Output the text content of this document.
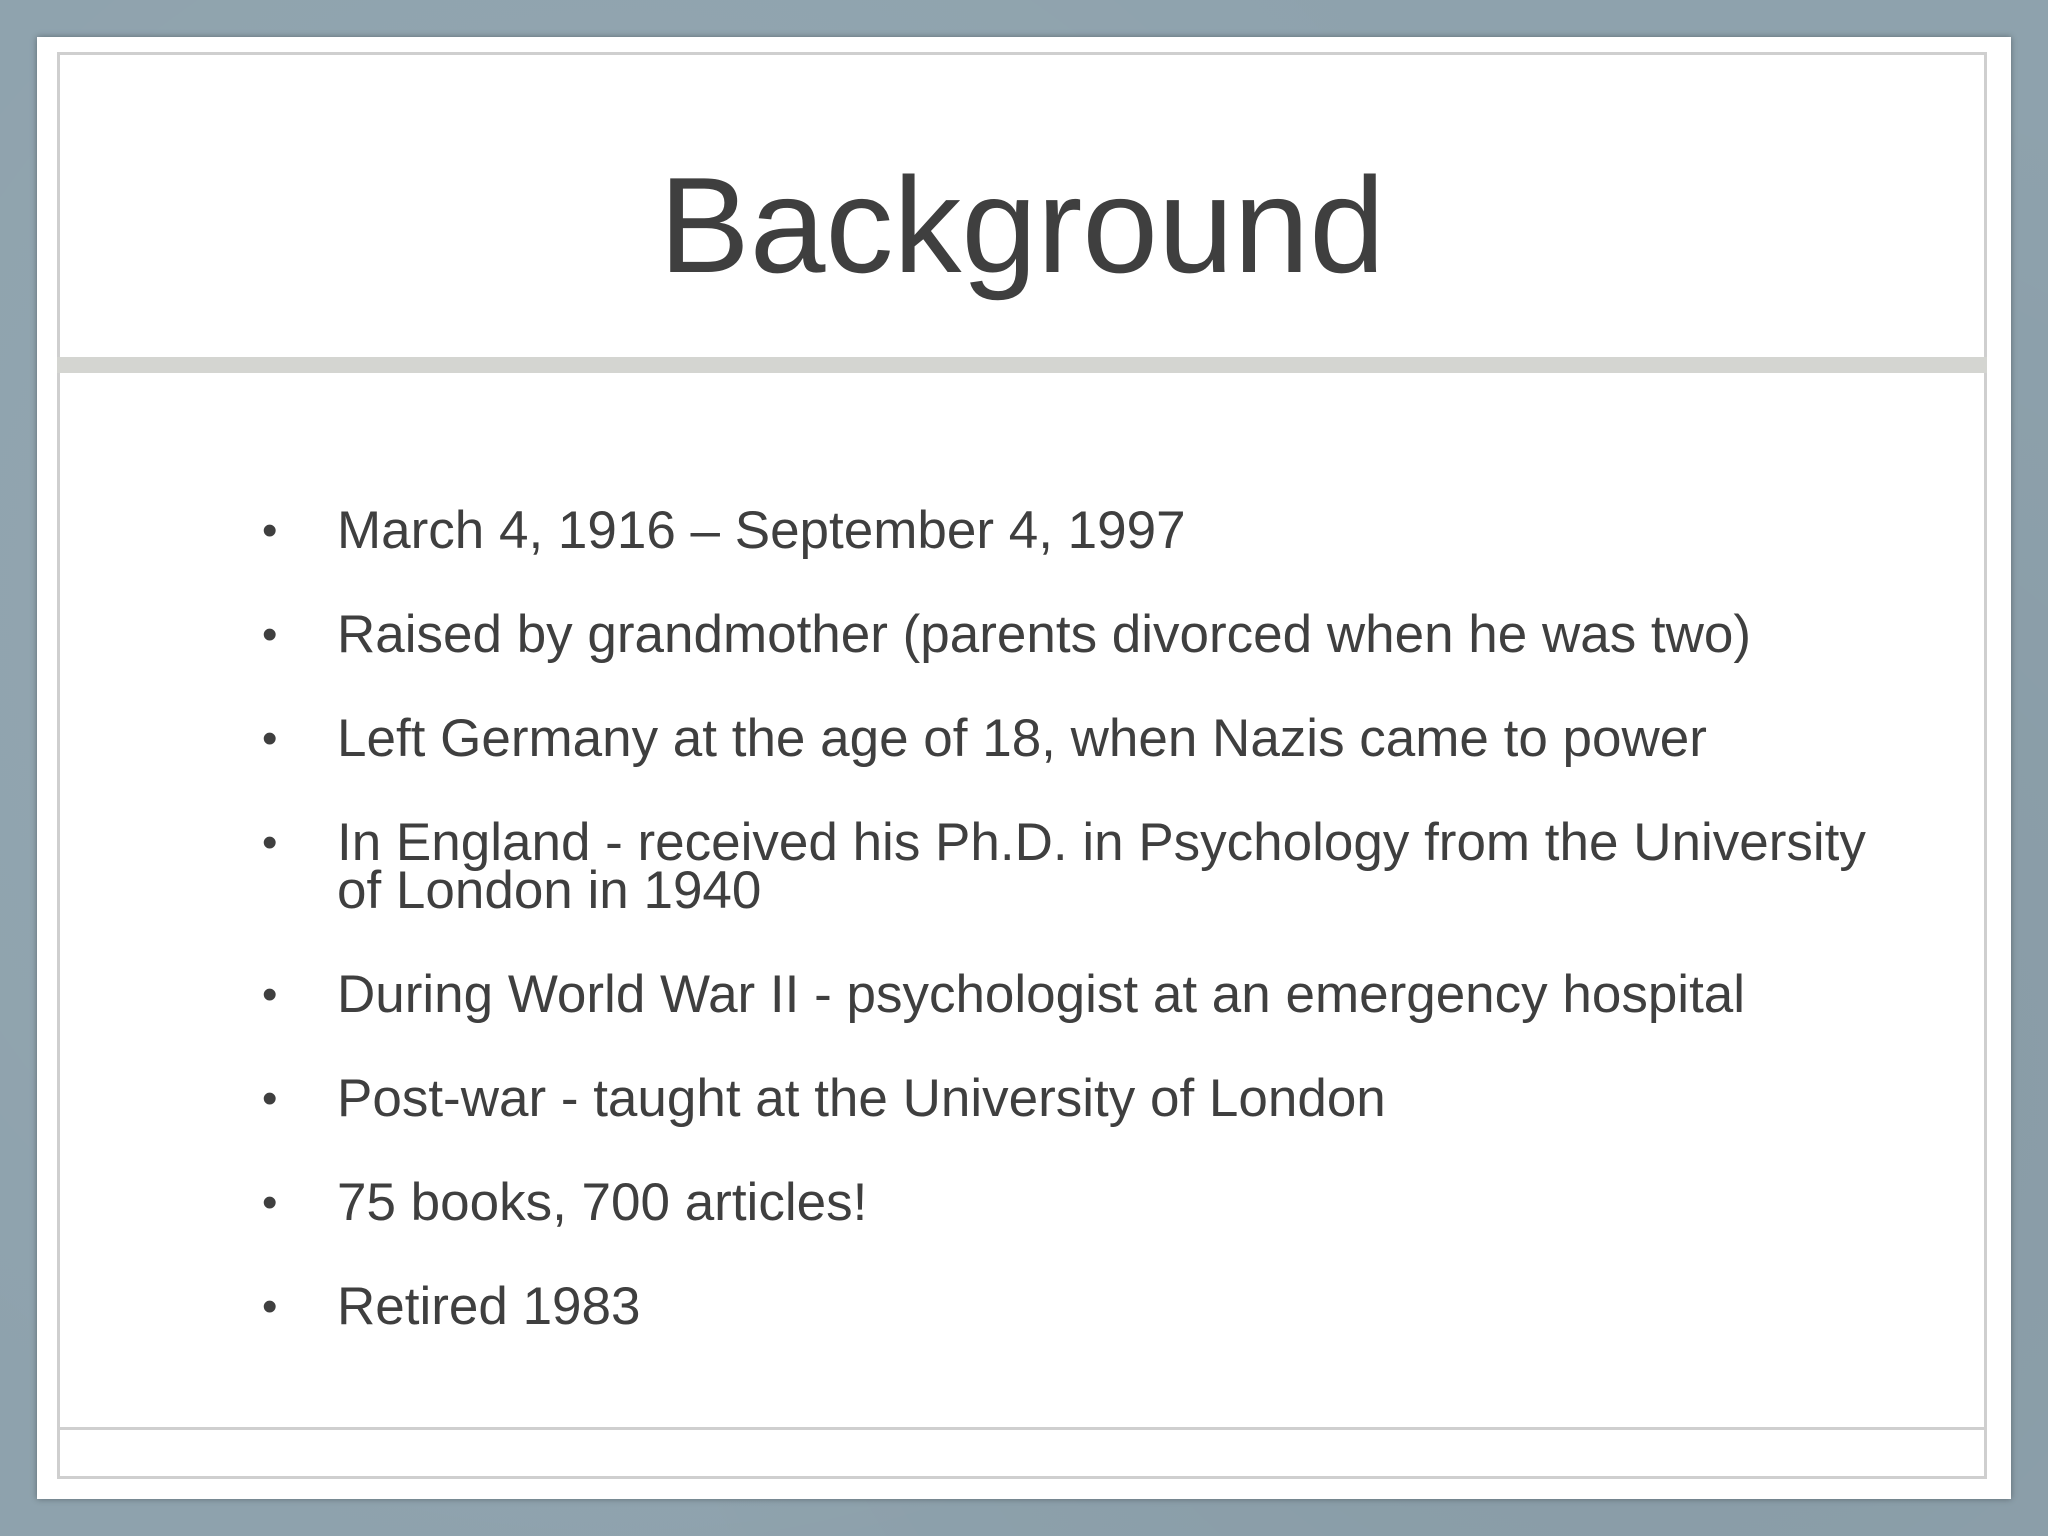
Background
• March 4, 1916 – September 4, 1997
• Raised by grandmother (parents divorced when he was two)
• Left Germany at the age of 18, when Nazis came to power
• In England - received his Ph.D. in Psychology from the University of London in 1940
• During World War II - psychologist at an emergency hospital
• Post-war - taught at the University of London
• 75 books, 700 articles!
• Retired 1983
